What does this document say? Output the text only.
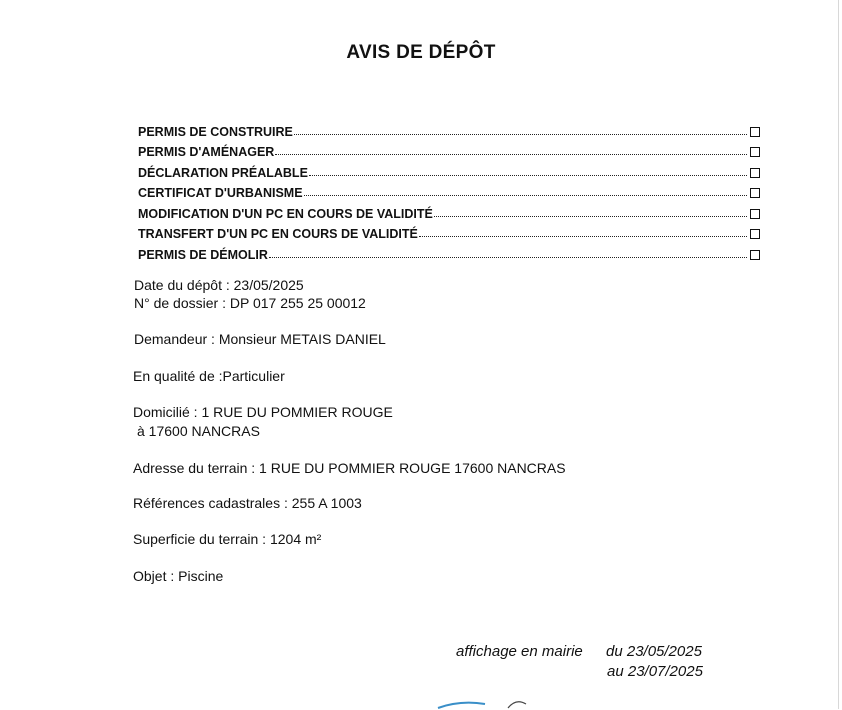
AVIS DE DÉPÔT
PERMIS DE CONSTRUIRE
PERMIS D'AMÉNAGER
DÉCLARATION PRÉALABLE
CERTIFICAT D'URBANISME
MODIFICATION D'UN PC EN COURS DE VALIDITÉ
TRANSFERT D'UN PC EN COURS DE VALIDITÉ
PERMIS DE DÉMOLIR
Date du dépôt : 23/05/2025
N° de dossier : DP 017 255 25 00012
Demandeur : Monsieur METAIS DANIEL
En qualité de :Particulier
Domicilié : 1 RUE DU POMMIER ROUGE
à 17600 NANCRAS
Adresse du terrain : 1 RUE DU POMMIER ROUGE 17600 NANCRAS
Références cadastrales : 255 A 1003
Superficie du terrain : 1204 m²
Objet : Piscine
affichage en mairie du 23/05/2025
au 23/07/2025
